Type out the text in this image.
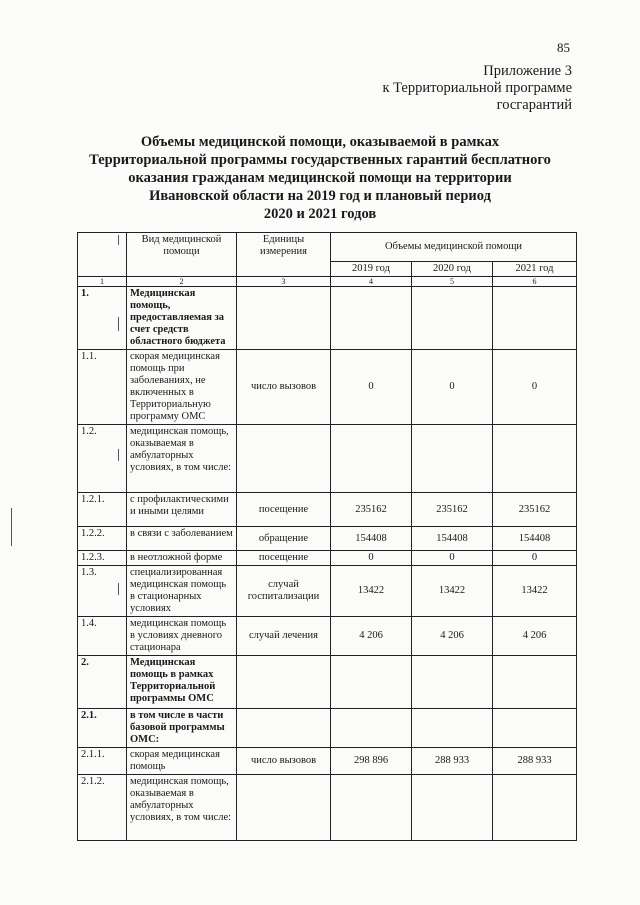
85
Приложение 3
к Территориальной программе
госгарантий
Объемы медицинской помощи, оказываемой в рамках
Территориальной программы государственных гарантий бесплатного
оказания гражданам медицинской помощи на территории
Ивановской области на 2019 год и плановый период
2020 и 2021 годов
	Вид медицинской помощи	Единицы измерения	Объемы медицинской помощи		
			2019 год	2020 год	2021 год
1	2	3	4	5	6
1.	Медицинская помощь, предоставляемая за счет средств областного бюджета				
1.1.	скорая медицинская помощь при заболеваниях, не включенных в Территориальную программу ОМС	число вызовов	0	0	0
1.2.	медицинская помощь, оказываемая в амбулаторных условиях, в том числе:				
1.2.1.	с профилактическими и иными целями	посещение	235162	235162	235162
1.2.2.	в связи с заболеванием	обращение	154408	154408	154408
1.2.3.	в неотложной форме	посещение	0	0	0
1.3.	специализированная медицинская помощь в стационарных условиях	случай госпитализации	13422	13422	13422
1.4.	медицинская помощь в условиях дневного стационара	случай лечения	4 206	4 206	4 206
2.	Медицинская помощь в рамках Территориальной программы ОМС				
2.1.	в том числе в части базовой программы ОМС:				
2.1.1.	скорая медицинская помощь	число вызовов	298 896	288 933	288 933
2.1.2.	медицинская помощь, оказываемая в амбулаторных условиях, в том числе:				
